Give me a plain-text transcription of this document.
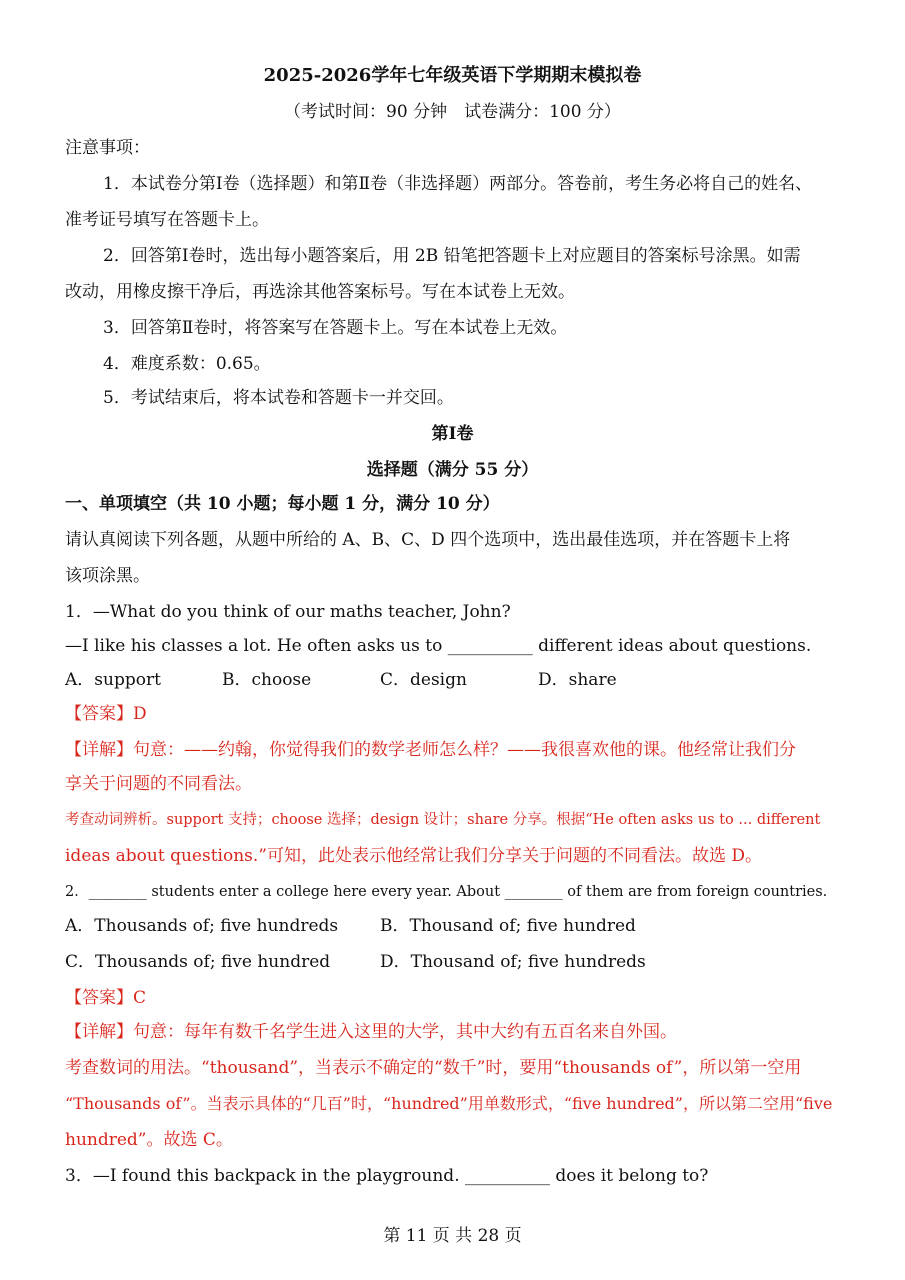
2025-2026学年七年级英语下学期期末模拟卷
（考试时间：90 分钟　试卷满分：100 分）
注意事项：
1．本试卷分第Ⅰ卷（选择题）和第Ⅱ卷（非选择题）两部分。答卷前，考生务必将自己的姓名、
准考证号填写在答题卡上。
2．回答第Ⅰ卷时，选出每小题答案后，用 2B 铅笔把答题卡上对应题目的答案标号涂黑。如需
改动，用橡皮擦干净后，再选涂其他答案标号。写在本试卷上无效。
3．回答第Ⅱ卷时，将答案写在答题卡上。写在本试卷上无效。
4．难度系数：0.65。
5．考试结束后，将本试卷和答题卡一并交回。
第Ⅰ卷
选择题（满分 55 分）
一、单项填空（共 10 小题；每小题 1 分，满分 10 分）
请认真阅读下列各题，从题中所给的 A、B、C、D 四个选项中，选出最佳选项，并在答题卡上将
该项涂黑。
1．—What do you think of our maths teacher, John?
—I like his classes a lot. He often asks us to __________ different ideas about questions.
A．support	B．choose	C．design	D．share
【答案】D
【详解】句意：——约翰，你觉得我们的数学老师怎么样？——我很喜欢他的课。他经常让我们分
享关于问题的不同看法。
考查动词辨析。support 支持；choose 选择；design 设计；share 分享。根据“He often asks us to ... different
ideas about questions.”可知，此处表示他经常让我们分享关于问题的不同看法。故选 D。
2．________ students enter a college here every year. About ________ of them are from foreign countries.
A．Thousands of; five hundreds B．Thousand of; five hundred
C．Thousands of; five hundred	D．Thousand of; five hundreds
【答案】C
【详解】句意：每年有数千名学生进入这里的大学，其中大约有五百名来自外国。
考查数词的用法。“thousand”，当表示不确定的“数千”时，要用“thousands of”，所以第一空用
“Thousands of”。当表示具体的“几百”时，“hundred”用单数形式，“five hundred”，所以第二空用“five
hundred”。故选 C。
3．—I found this backpack in the playground. __________ does it belong to?
第 11 页 共 28 页
